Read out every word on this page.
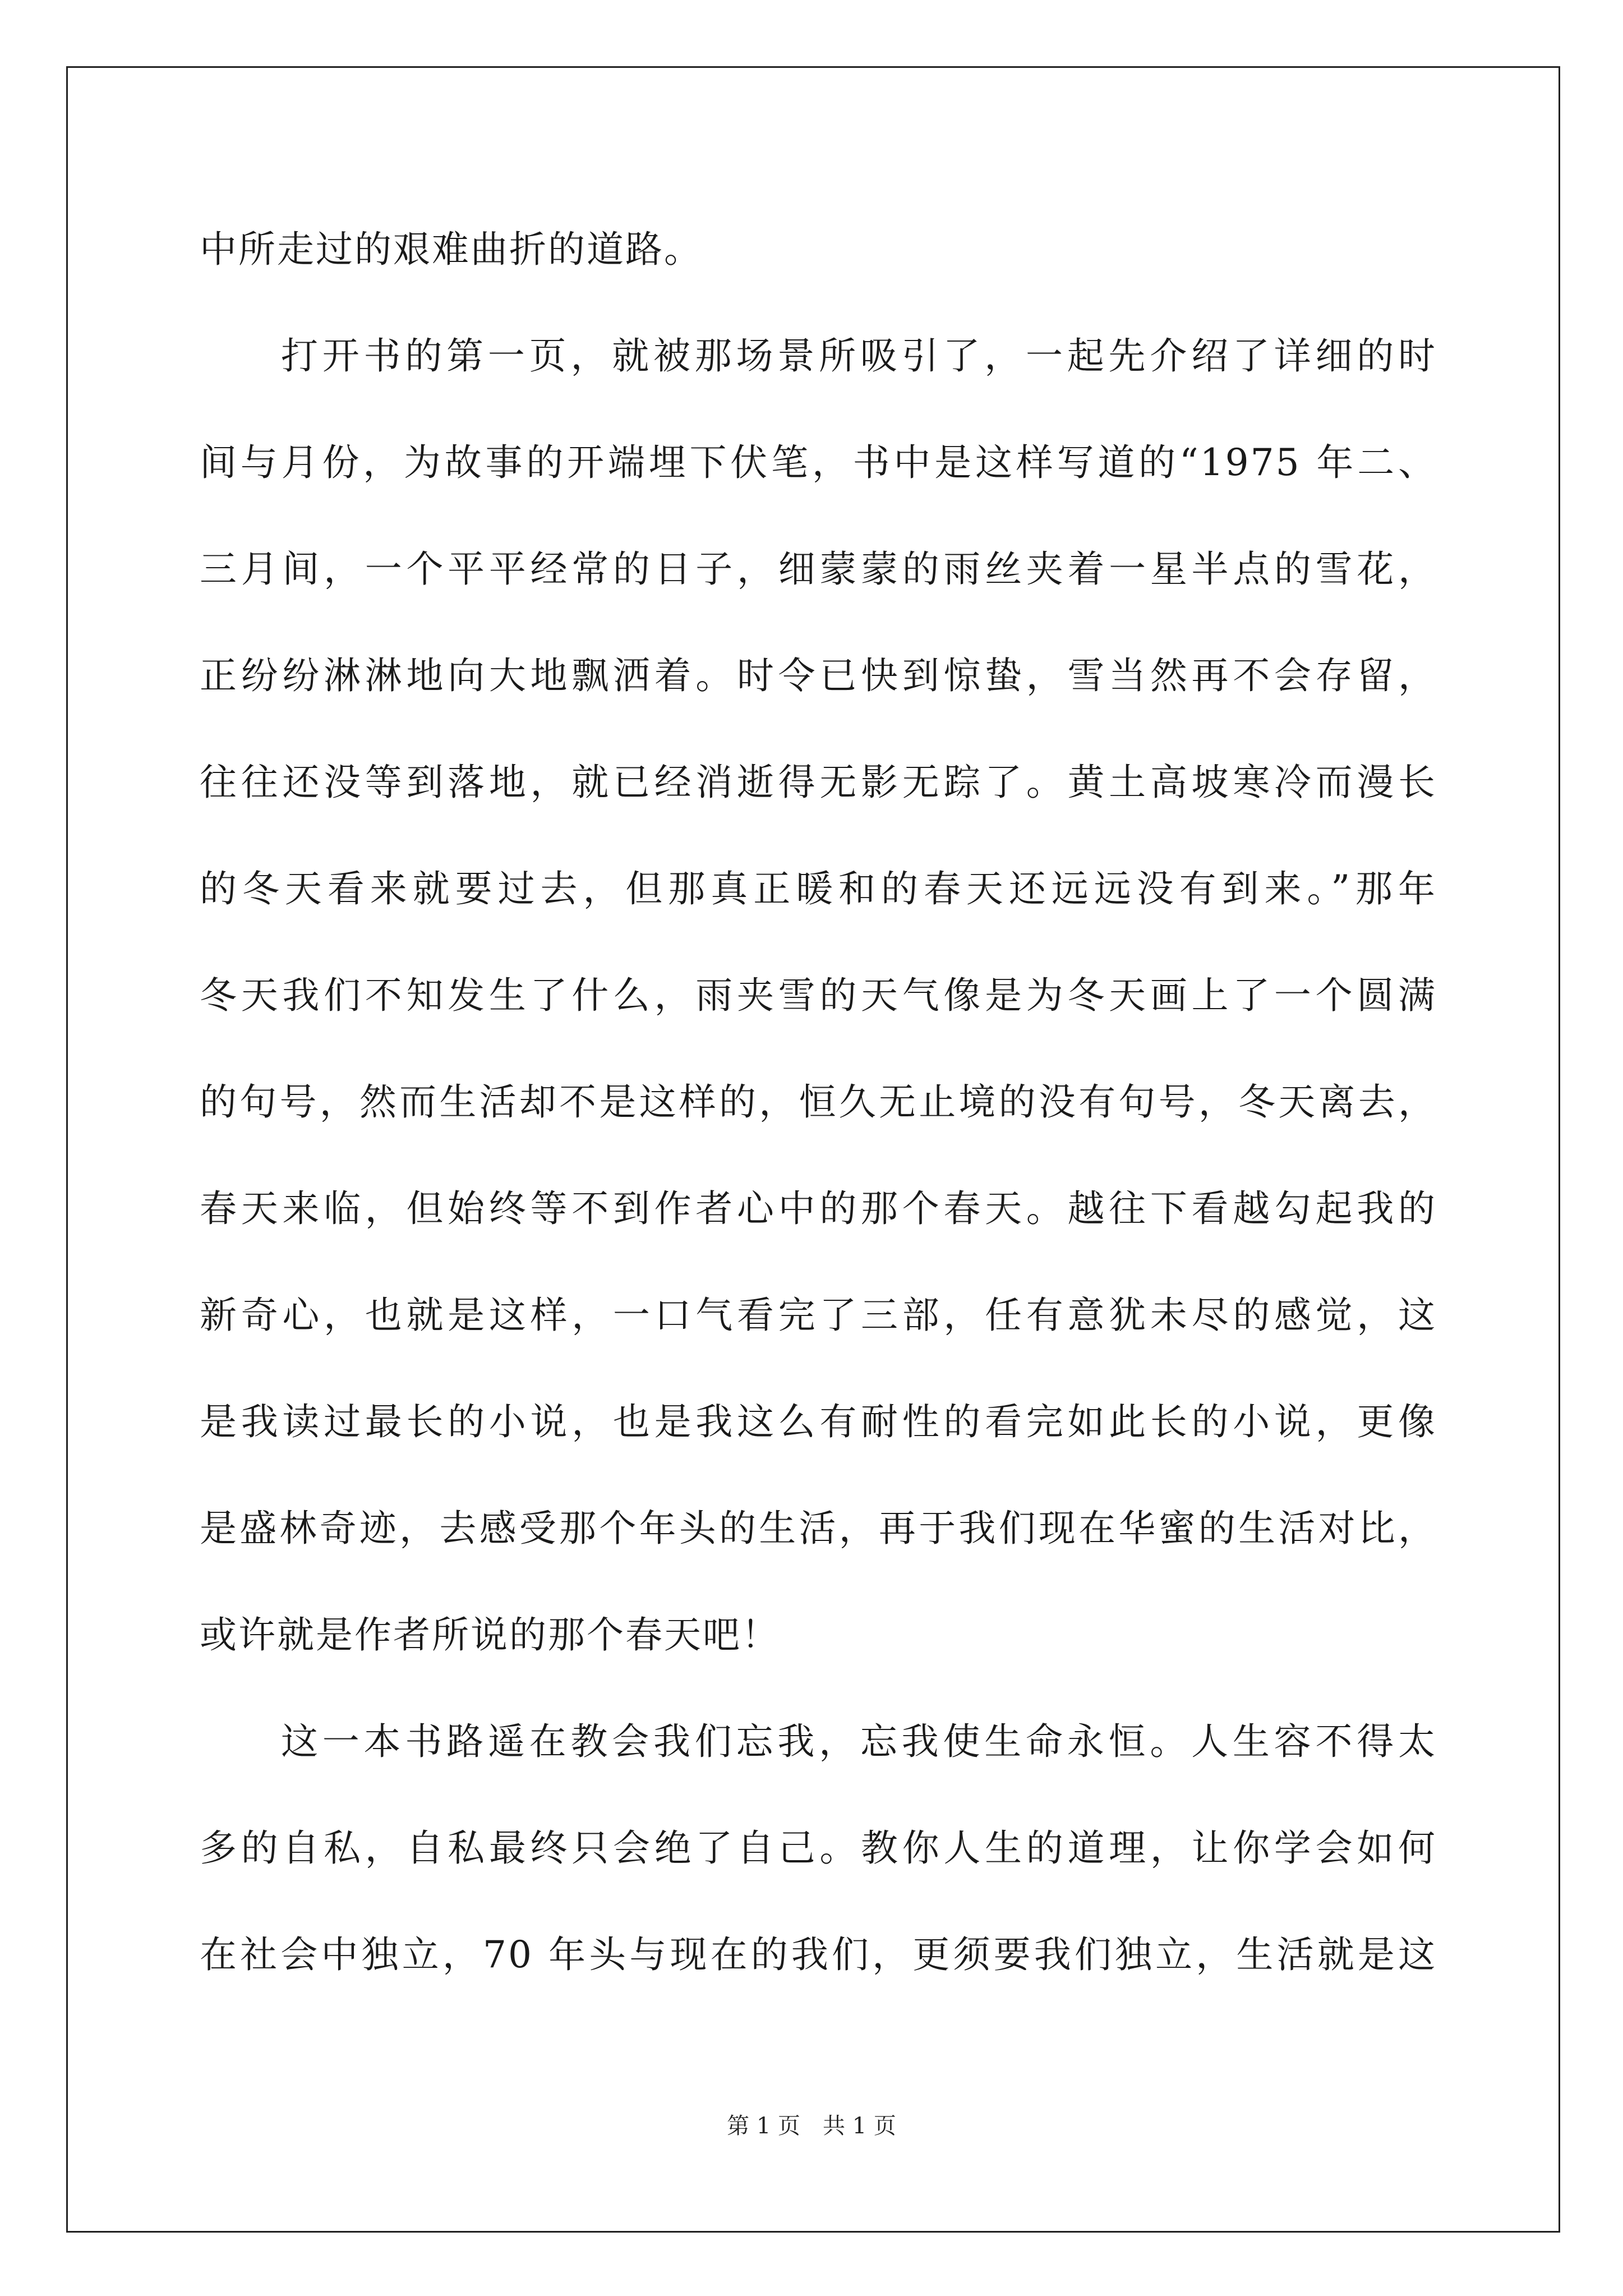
中所走过的艰难曲折的道路。
打开书的第一页，就被那场景所吸引了，一起先介绍了详细的时
间与月份，为故事的开端埋下伏笔，书中是这样写道的“1975 年二、
三月间，一个平平经常的日子，细蒙蒙的雨丝夹着一星半点的雪花，
正纷纷淋淋地向大地飘洒着。时令已快到惊蛰，雪当然再不会存留，
往往还没等到落地，就已经消逝得无影无踪了。黄土高坡寒冷而漫长
的冬天看来就要过去，但那真正暖和的春天还远远没有到来。”那年
冬天我们不知发生了什么，雨夹雪的天气像是为冬天画上了一个圆满
的句号，然而生活却不是这样的，恒久无止境的没有句号，冬天离去，
春天来临，但始终等不到作者心中的那个春天。越往下看越勾起我的
新奇心，也就是这样，一口气看完了三部，任有意犹未尽的感觉，这
是我读过最长的小说，也是我这么有耐性的看完如此长的小说，更像
是盛林奇迹，去感受那个年头的生活，再于我们现在华蜜的生活对比，
或许就是作者所说的那个春天吧！
这一本书路遥在教会我们忘我，忘我使生命永恒。人生容不得太
多的自私，自私最终只会绝了自己。教你人生的道理，让你学会如何
在社会中独立，70 年头与现在的我们，更须要我们独立，生活就是这
第 1 页　共 1 页
